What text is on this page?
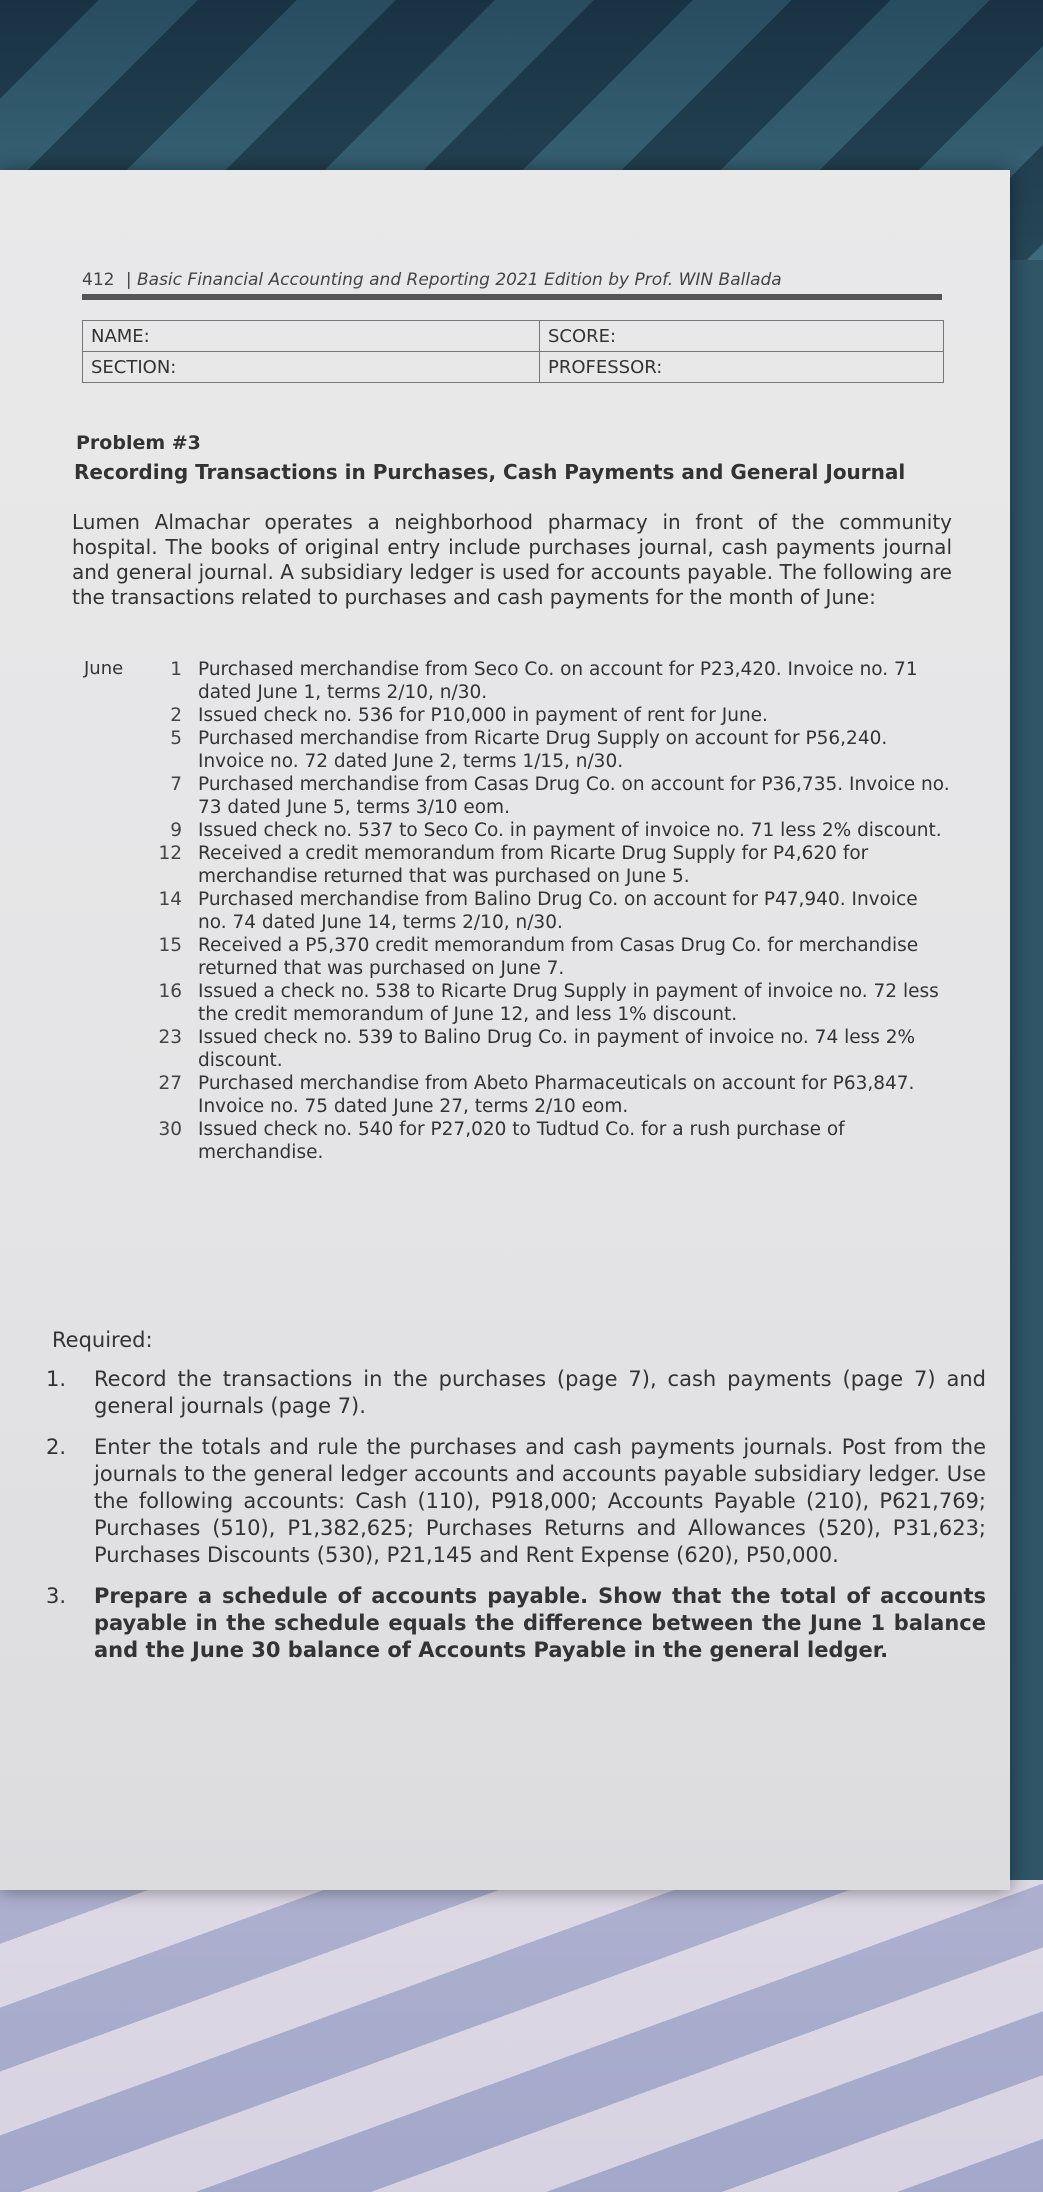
412 | Basic Financial Accounting and Reporting 2021 Edition by Prof. WIN Ballada
NAME:	SCORE:
SECTION:	PROFESSOR:
Problem #3
Recording Transactions in Purchases, Cash Payments and General Journal
Lumen Almachar operates a neighborhood pharmacy in front of the community hospital. The books of original entry include purchases journal, cash payments journal and general journal. A subsidiary ledger is used for accounts payable. The following are the transactions related to purchases and cash payments for the month of June:
June	1 Purchased merchandise from Seco Co. on account for P23,420. Invoice no. 71 dated June 1, terms 2/10, n/30.
2 Issued check no. 536 for P10,000 in payment of rent for June.
5 Purchased merchandise from Ricarte Drug Supply on account for P56,240. Invoice no. 72 dated June 2, terms 1/15, n/30.
7 Purchased merchandise from Casas Drug Co. on account for P36,735. Invoice no. 73 dated June 5, terms 3/10 eom.
9 Issued check no. 537 to Seco Co. in payment of invoice no. 71 less 2% discount.
12 Received a credit memorandum from Ricarte Drug Supply for P4,620 for merchandise returned that was purchased on June 5.
14 Purchased merchandise from Balino Drug Co. on account for P47,940. Invoice no. 74 dated June 14, terms 2/10, n/30.
15 Received a P5,370 credit memorandum from Casas Drug Co. for merchandise returned that was purchased on June 7.
16 Issued a check no. 538 to Ricarte Drug Supply in payment of invoice no. 72 less the credit memorandum of June 12, and less 1% discount.
23 Issued check no. 539 to Balino Drug Co. in payment of invoice no. 74 less 2% discount.
27 Purchased merchandise from Abeto Pharmaceuticals on account for P63,847. Invoice no. 75 dated June 27, terms 2/10 eom.
30 Issued check no. 540 for P27,020 to Tudtud Co. for a rush purchase of merchandise.
Required:
1.	Record the transactions in the purchases (page 7), cash payments (page 7) and general journals (page 7).
2.	Enter the totals and rule the purchases and cash payments journals. Post from the journals to the general ledger accounts and accounts payable subsidiary ledger. Use the following accounts: Cash (110), P918,000; Accounts Payable (210), P621,769; Purchases (510), P1,382,625; Purchases Returns and Allowances (520), P31,623; Purchases Discounts (530), P21,145 and Rent Expense (620), P50,000.
3.	Prepare a schedule of accounts payable. Show that the total of accounts payable in the schedule equals the difference between the June 1 balance and the June 30 balance of Accounts Payable in the general ledger.
